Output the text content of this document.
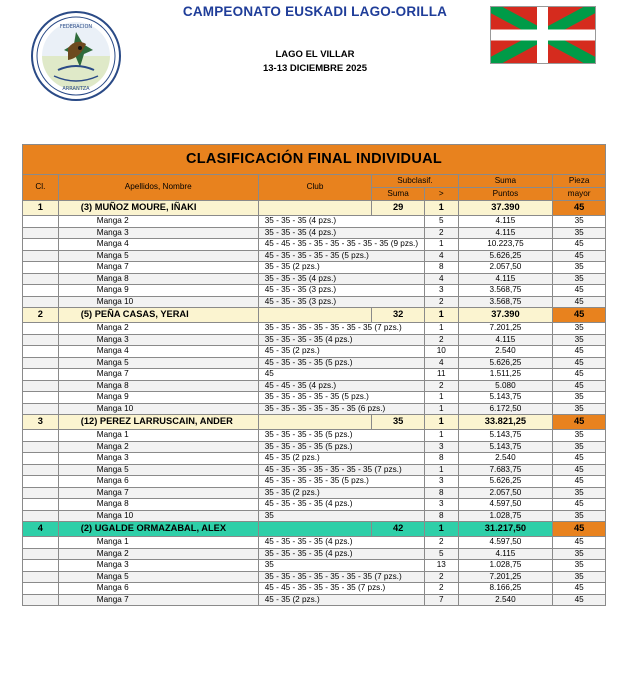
FEDERACION
ARRANTZA
CAMPEONATO EUSKADI LAGO-ORILLA
LAGO EL VILLAR
13-13 DICIEMBRE 2025
CLASIFICACIÓN FINAL INDIVIDUAL						
Cl.	Apellidos, Nombre	Club	Subclasif.		Suma	Pieza
			Suma	>	Puntos	mayor
1	(3) MUÑOZ MOURE, IÑAKI		29	1	37.390	45
	Manga 2	35 - 35 - 35 (4 pzs.)		5	4.115	35
	Manga 3	35 - 35 - 35 (4 pzs.)		2	4.115	35
	Manga 4	45 - 45 - 35 - 35 - 35 - 35 - 35 - 35 (9 pzs.)		1	10.223,75	45
	Manga 5	45 - 35 - 35 - 35 - 35 (5 pzs.)		4	5.626,25	45
	Manga 7	35 - 35 (2 pzs.)		8	2.057,50	35
	Manga 8	35 - 35 - 35 (4 pzs.)		4	4.115	35
	Manga 9	45 - 35 - 35 (3 pzs.)		3	3.568,75	45
	Manga 10	45 - 35 - 35 (3 pzs.)		2	3.568,75	45
2	(5) PEÑA CASAS, YERAI		32	1	37.390	45
	Manga 2	35 - 35 - 35 - 35 - 35 - 35 - 35 (7 pzs.)		1	7.201,25	35
	Manga 3	35 - 35 - 35 - 35 (4 pzs.)		2	4.115	35
	Manga 4	45 - 35 (2 pzs.)		10	2.540	45
	Manga 5	45 - 35 - 35 - 35 (5 pzs.)		4	5.626,25	45
	Manga 7	45		11	1.511,25	45
	Manga 8	45 - 45 - 35 (4 pzs.)		2	5.080	45
	Manga 9	35 - 35 - 35 - 35 - 35 (5 pzs.)		1	5.143,75	35
	Manga 10	35 - 35 - 35 - 35 - 35 - 35 (6 pzs.)		1	6.172,50	35
3	(12) PEREZ LARRUSCAIN, ANDER		35	1	33.821,25	45
	Manga 1	35 - 35 - 35 - 35 (5 pzs.)		1	5.143,75	35
	Manga 2	35 - 35 - 35 - 35 (5 pzs.)		3	5.143,75	35
	Manga 3	45 - 35 (2 pzs.)		8	2.540	45
	Manga 5	45 - 35 - 35 - 35 - 35 - 35 - 35 (7 pzs.)		1	7.683,75	45
	Manga 6	45 - 35 - 35 - 35 - 35 (5 pzs.)		3	5.626,25	45
	Manga 7	35 - 35 (2 pzs.)		8	2.057,50	35
	Manga 8	45 - 35 - 35 - 35 (4 pzs.)		3	4.597,50	45
	Manga 10	35		8	1.028,75	35
4	(2) UGALDE ORMAZABAL, ALEX		42	1	31.217,50	45
	Manga 1	45 - 35 - 35 - 35 (4 pzs.)		2	4.597,50	45
	Manga 2	35 - 35 - 35 - 35 (4 pzs.)		5	4.115	35
	Manga 3	35		13	1.028,75	35
	Manga 5	35 - 35 - 35 - 35 - 35 - 35 - 35 (7 pzs.)		2	7.201,25	35
	Manga 6	45 - 45 - 35 - 35 - 35 - 35 (7 pzs.)		2	8.166,25	45
	Manga 7	45 - 35 (2 pzs.)		7	2.540	45
